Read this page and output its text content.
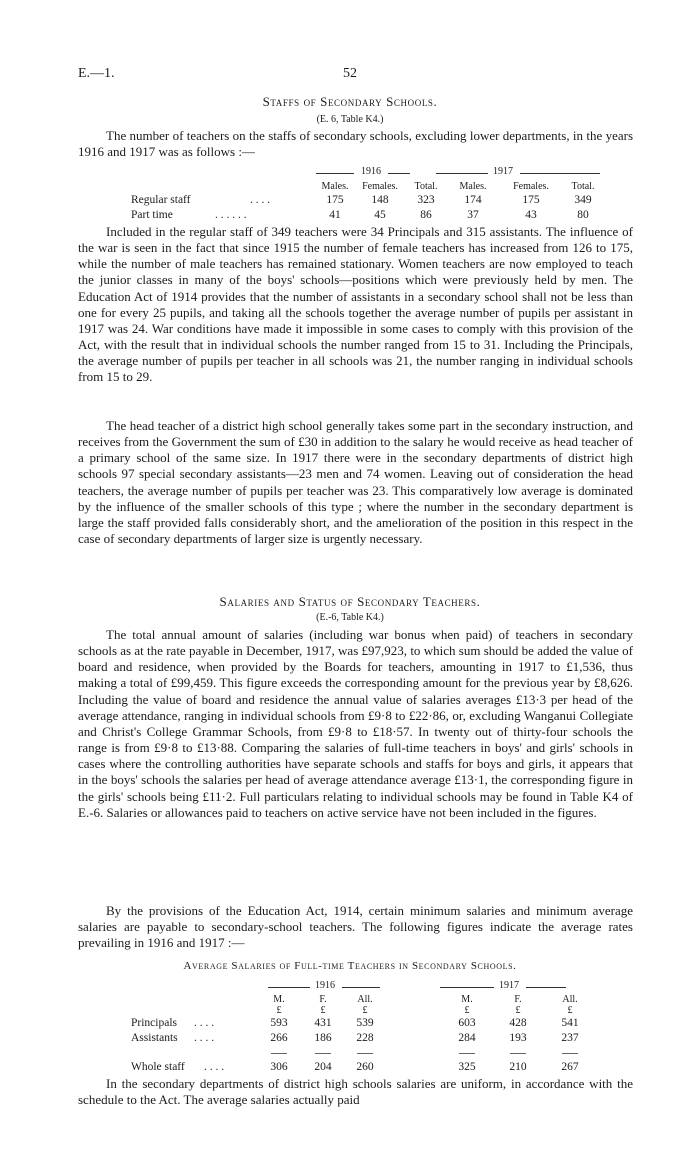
E.—1.	52
Staffs of Secondary Schools.
(E. 6, Table K4.)
The number of teachers on the staffs of secondary schools, excluding lower departments, in the years 1916 and 1917 was as follows :—
1916	1917
Males.	Females.	Total.	Males.	Females.	Total.
Regular staff	. . . .	175	148	323	174	175	349
Part time	. . . . . .	41	45	86	37	43	80
Included in the regular staff of 349 teachers were 34 Principals and 315 assistants. The influence of the war is seen in the fact that since 1915 the number of female teachers has increased from 126 to 175, while the number of male teachers has remained stationary. Women teachers are now employed to teach the junior classes in many of the boys' schools—positions which were previously held by men. The Education Act of 1914 provides that the number of assistants in a secondary school shall not be less than one for every 25 pupils, and taking all the schools together the average number of pupils per assistant in 1917 was 24. War conditions have made it impossible in some cases to comply with this provision of the Act, with the result that in individual schools the number ranged from 15 to 31. Including the Principals, the average number of pupils per teacher in all schools was 21, the number ranging in individual schools from 15 to 29.
The head teacher of a district high school generally takes some part in the secondary instruction, and receives from the Government the sum of £30 in addition to the salary he would receive as head teacher of a primary school of the same size. In 1917 there were in the secondary departments of district high schools 97 special secondary assistants—23 men and 74 women. Leaving out of consideration the head teachers, the average number of pupils per teacher was 23. This comparatively low average is dominated by the influence of the smaller schools of this type ; where the number in the secondary department is large the staff provided falls considerably short, and the amelioration of the position in this respect in the case of secondary departments of larger size is urgently necessary.
Salaries and Status of Secondary Teachers.
(E.-6, Table K4.)
The total annual amount of salaries (including war bonus when paid) of teachers in secondary schools as at the rate payable in December, 1917, was £97,923, to which sum should be added the value of board and residence, when provided by the Boards for teachers, amounting in 1917 to £1,536, thus making a total of £99,459. This figure exceeds the corresponding amount for the previous year by £8,626. Including the value of board and residence the annual value of salaries averages £13·3 per head of the average attendance, ranging in individual schools from £9·8 to £22·86, or, excluding Wanganui Collegiate and Christ's College Grammar Schools, from £9·8 to £18·57. In twenty out of thirty-four schools the range is from £9·8 to £13·88. Comparing the salaries of full-time teachers in boys' and girls' schools in cases where the controlling authorities have separate schools and staffs for boys and girls, it appears that in the boys' schools the salaries per head of average attendance average £13·1, the corresponding figure in the girls' schools being £11·2. Full particulars relating to individual schools may be found in Table K4 of E.-6. Salaries or allowances paid to teachers on active service have not been included in the figures.
By the provisions of the Education Act, 1914, certain minimum salaries and minimum average salaries are payable to secondary-school teachers. The following figures indicate the average rates prevailing in 1916 and 1917 :—
Average Salaries of Full-time Teachers in Secondary Schools.
1916	1917
M.	F.	All.	M.	F.	All.
£	£	£	£	£	£
Principals . . . .	593	431	539	603	428	541
Assistants . . . .	266	186	228	284	193	237
Whole staff . . . .	306	204	260	325	210	267
In the secondary departments of district high schools salaries are uniform, in accordance with the schedule to the Act. The average salaries actually paid
